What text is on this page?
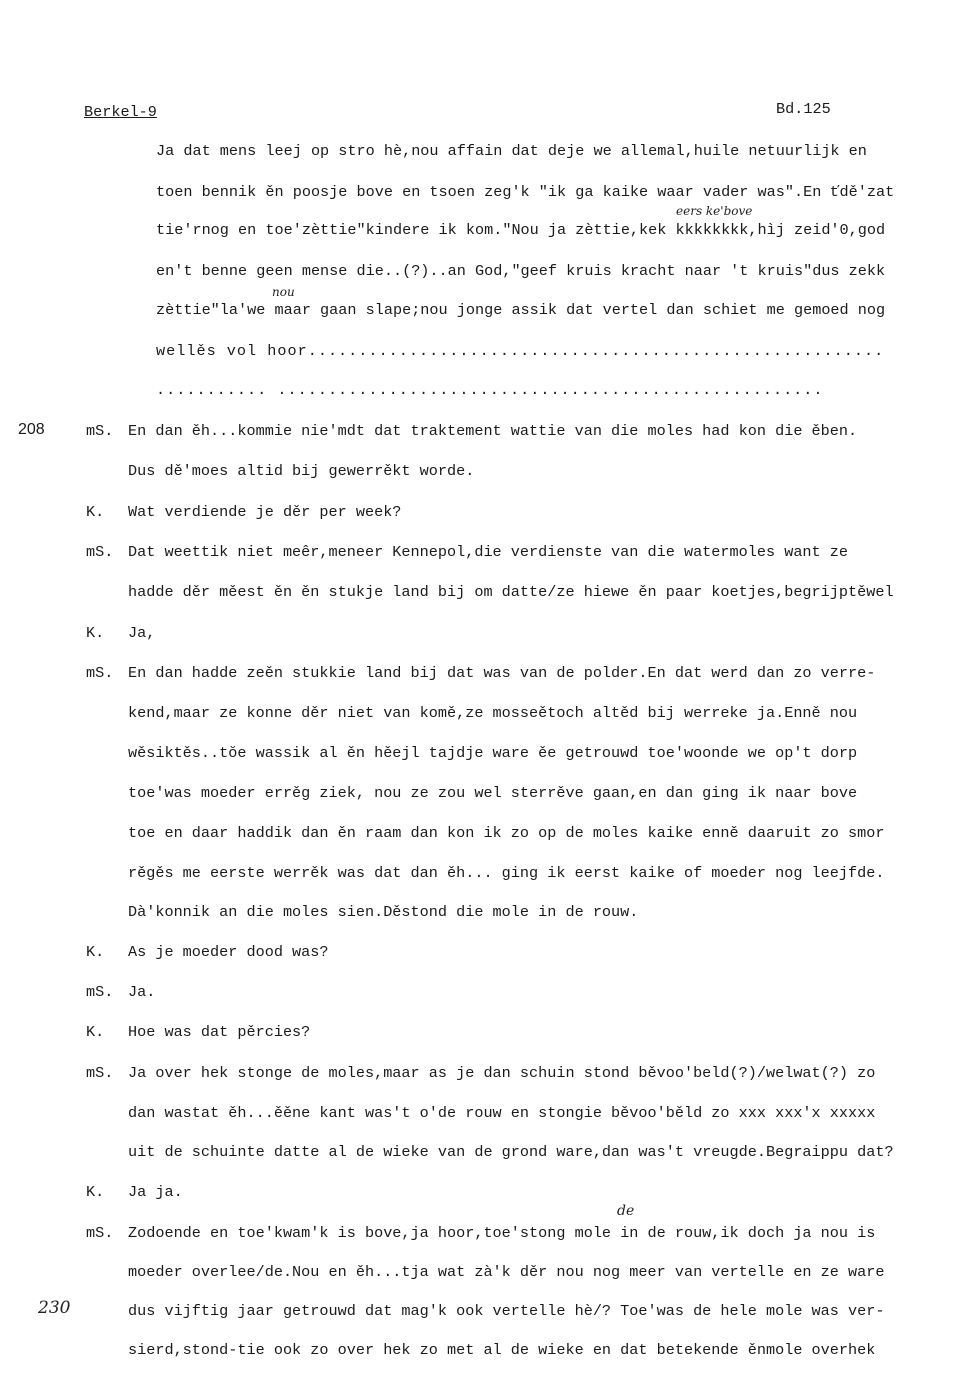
Berkel-9	Bd.125
Ja dat mens leej op stro hè,nou affain dat deje we allemal,huile netuurlijk en
toen bennik ěn poosje bove en tsoen zeg'k "ik ga kaike waar vader was".En ťdě'zat
eers ke'bove
tie'rnog en toe'zèttie"kindere ik kom."Nou ja zèttie,kek kkkkkkkk,hìj zeid'0,god
en't benne geen mense die..(?)..an God,"geef kruis kracht naar 't kruis"dus zekk
nou
zèttie"la'we maar gaan slape;nou jonge assik dat vertel dan schiet me gemoed nog
wellěs vol hoor.........................................................
........... ......................................................
208	mS. En dan ěh...kommie nie'mdt dat traktement wattie van die moles had kon die ěben.
Dus dě'moes altid bij gewerrěkt worde.
K. Wat verdiende je děr per week?
mS. Dat weettik niet meêr,meneer Kennepol,die verdienste van die watermoles want ze
hadde děr měest ěn ěn stukje land bij om datte/ze hiewe ěn paar koetjes,begrijptěwel
K. Ja,
mS. En dan hadde zeěn stukkie land bij dat was van de polder.En dat werd dan zo verre-
kend,maar ze konne děr niet van komě,ze mosseětoch altěd bij werreke ja.Enně nou
wěsiktěs..tŏe wassik al ěn hěejl tajdje ware ěe getrouwd toe'woonde we op't dorp
toe'was moeder errěg ziek, nou ze zou wel sterrěve gaan,en dan ging ik naar bove
toe en daar haddik dan ěn raam dan kon ik zo op de moles kaike enně daaruit zo smor
rěgěs me eerste werrěk was dat dan ěh... ging ik eerst kaike of moeder nog leejfde.
Dà'konnik an die moles sien.Děstond die mole in de rouw.
K. As je moeder dood was?
mS. Ja.
K. Hoe was dat pěrcies?
mS. Ja over hek stonge de moles,maar as je dan schuin stond běvoo'beld(?)/welwat(?) zo
dan wastat ěh...ěěne kant was't o'de rouw en stongie běvoo'běld zo xxx xxx'x xxxxx
uit de schuinte datte al de wieke van de grond ware,dan was't vreugde.Begraippu dat?
K. Ja ja.
de
mS. Zodoende en toe'kwam'k is bove,ja hoor,toe'stong mole in de rouw,ik doch ja nou is
moeder overlee/de.Nou en ěh...tja wat zà'k děr nou nog meer van vertelle en ze ware
230	dus vijftig jaar getrouwd dat mag'k ook vertelle hè/? Toe'was de hele mole was ver-
sierd,stond-tie ook zo over hek zo met al de wieke en dat betekende ěnmole overhek
